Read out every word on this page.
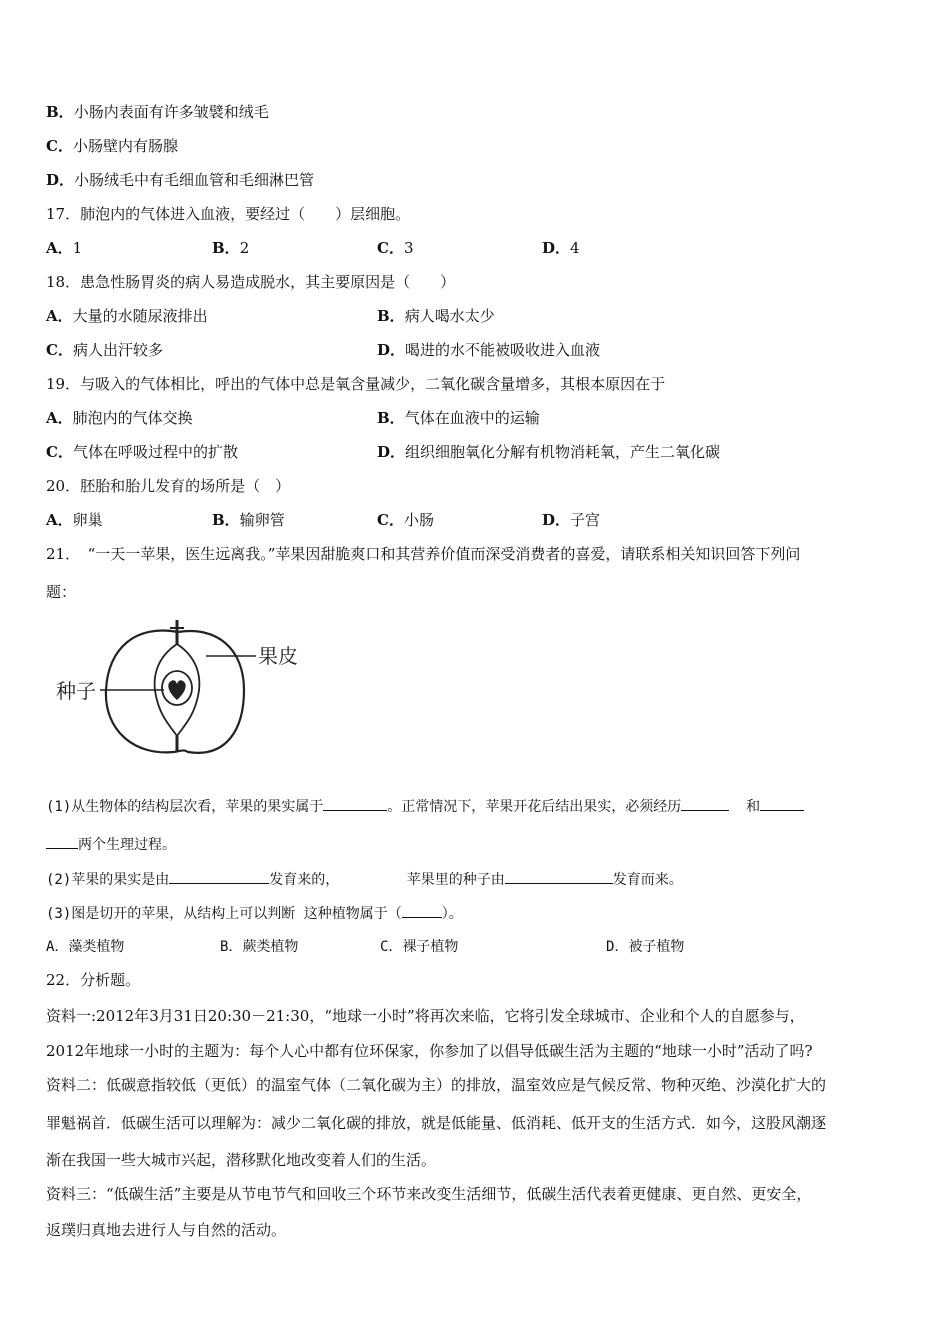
B．小肠内表面有许多皱襞和绒毛
C．小肠壁内有肠腺
D．小肠绒毛中有毛细血管和毛细淋巴管
17．肺泡内的气体进入血液，要经过（　　）层细胞。
A．1	B．2	C．3	D．4
18．患急性肠胃炎的病人易造成脱水，其主要原因是（　　）
A．大量的水随尿液排出	B．病人喝水太少
C．病人出汗较多	D．喝进的水不能被吸收进入血液
19．与吸入的气体相比，呼出的气体中总是氧含量减少，二氧化碳含量增多，其根本原因在于
A．肺泡内的气体交换	B．气体在血液中的运输
C．气体在呼吸过程中的扩散	D．组织细胞氧化分解有机物消耗氧，产生二氧化碳
20．胚胎和胎儿发育的场所是（　）
A．卵巢	B．输卵管	C．小肠	D．子宫
21．　“一天一苹果，医生远离我。”苹果因甜脆爽口和其营养价值而深受消费者的喜爱，请联系相关知识回答下列问
题：
果皮
种子
(1)从生物体的结构层次看，苹果的果实属于	。正常情况下，苹果开花后结出果实，必须经历	和
两个生理过程。
(2)苹果的果实是由	发育来的，	苹果里的种子由	发育而来。
(3)图是切开的苹果，从结构上可以判断 这种植物属于（	）。
A．藻类植物	B．蕨类植物	C．裸子植物	D．被子植物
22．分析题。
资料一:2012年3月31日20:30－21:30，“地球一小时”将再次来临，它将引发全球城市、企业和个人的自愿参与，
2012年地球一小时的主题为：每个人心中都有位环保家，你参加了以倡导低碳生活为主题的“地球一小时”活动了吗?
资料二：低碳意指较低（更低）的温室气体（二氧化碳为主）的排放，温室效应是气候反常、物种灭绝、沙漠化扩大的
罪魁祸首．低碳生活可以理解为：减少二氧化碳的排放，就是低能量、低消耗、低开支的生活方式．如今，这股风潮逐
渐在我国一些大城市兴起，潜移默化地改变着人们的生活。
资料三：“低碳生活”主要是从节电节气和回收三个环节来改变生活细节，低碳生活代表着更健康、更自然、更安全，
返璞归真地去进行人与自然的活动。
